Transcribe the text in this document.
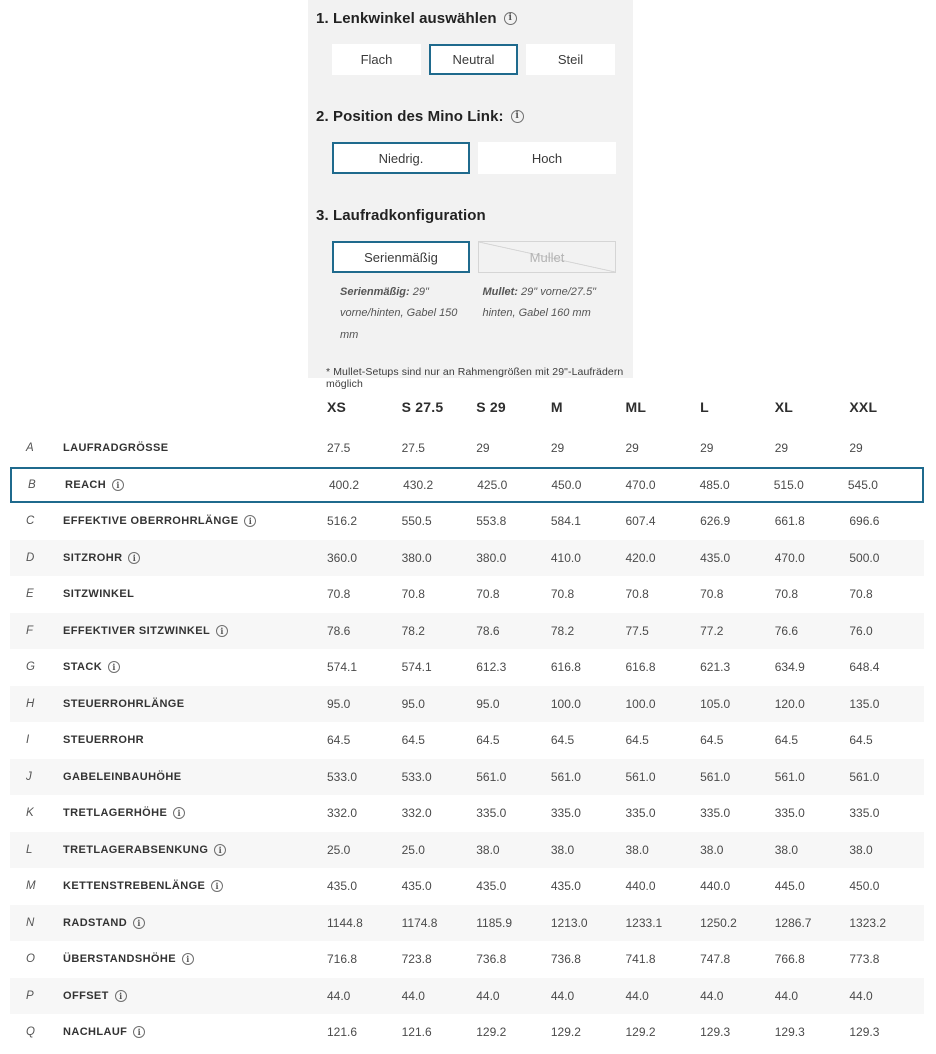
1. Lenkwinkel auswählen
i
Flach	Neutral	Steil
2. Position des Mino Link:
i
Niedrig.	Hoch
3. Laufradkonfiguration
Serienmäßig	Mullet
Serienmäßig: 29" vorne/hinten, Gabel 150 mm
Mullet: 29" vorne/27.5" hinten, Gabel 160 mm
* Mullet-Setups sind nur an Rahmengrößen mit 29"-Laufrädern möglich
XS	S 27.5	S 29	M	ML	L	XL	XXL
A	LAUFRADGRÖSSE	27.5	27.5	29	29	29	29	29	29
B	REACH i	400.2	430.2	425.0	450.0	470.0	485.0	515.0	545.0
C	EFFEKTIVE OBERROHRLÄNGE i	516.2	550.5	553.8	584.1	607.4	626.9	661.8	696.6
D	SITZROHR i	360.0	380.0	380.0	410.0	420.0	435.0	470.0	500.0
E	SITZWINKEL	70.8	70.8	70.8	70.8	70.8	70.8	70.8	70.8
F	EFFEKTIVER SITZWINKEL i	78.6	78.2	78.6	78.2	77.5	77.2	76.6	76.0
G	STACK i	574.1	574.1	612.3	616.8	616.8	621.3	634.9	648.4
H	STEUERROHRLÄNGE	95.0	95.0	95.0	100.0	100.0	105.0	120.0	135.0
I	STEUERROHR	64.5	64.5	64.5	64.5	64.5	64.5	64.5	64.5
J	GABELEINBAUHÖHE	533.0	533.0	561.0	561.0	561.0	561.0	561.0	561.0
K	TRETLAGERHÖHE i	332.0	332.0	335.0	335.0	335.0	335.0	335.0	335.0
L	TRETLAGERABSENKUNG i	25.0	25.0	38.0	38.0	38.0	38.0	38.0	38.0
M	KETTENSTREBENLÄNGE i	435.0	435.0	435.0	435.0	440.0	440.0	445.0	450.0
N	RADSTAND i	1144.8	1174.8	1185.9	1213.0	1233.1	1250.2	1286.7	1323.2
O	ÜBERSTANDSHÖHE i	716.8	723.8	736.8	736.8	741.8	747.8	766.8	773.8
P	OFFSET i	44.0	44.0	44.0	44.0	44.0	44.0	44.0	44.0
Q	NACHLAUF i	121.6	121.6	129.2	129.2	129.2	129.3	129.3	129.3
